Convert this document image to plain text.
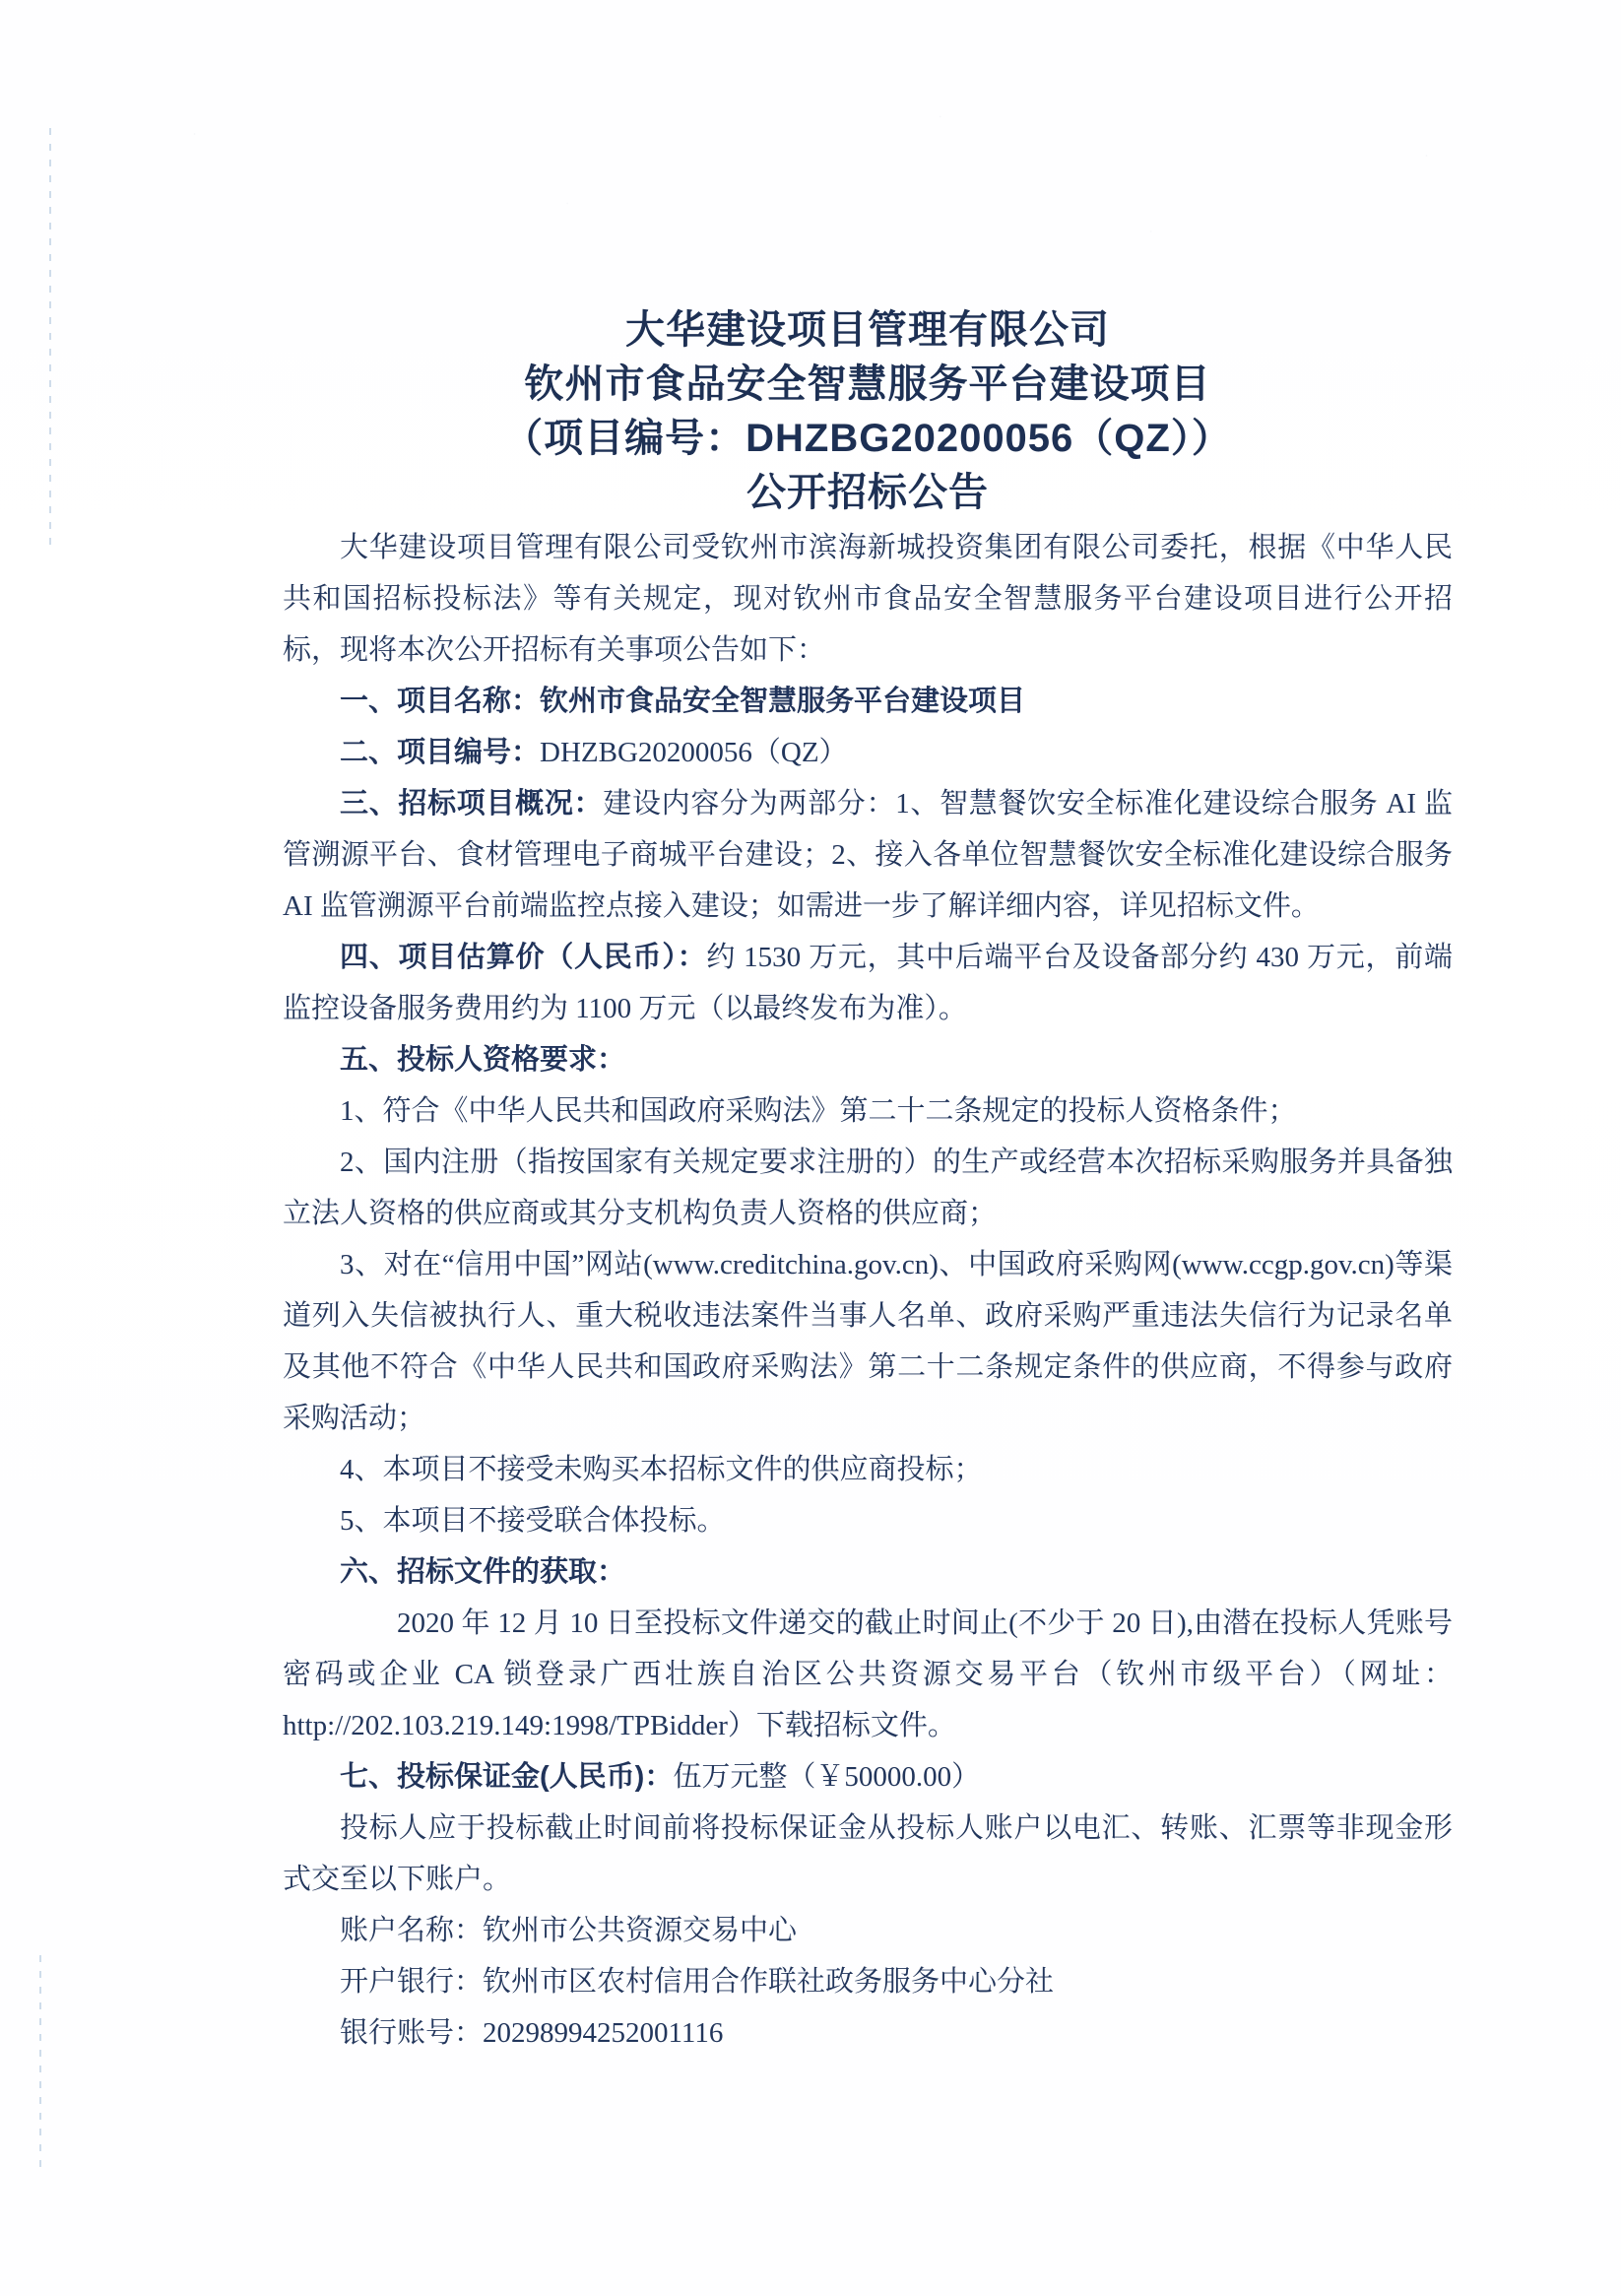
大华建设项目管理有限公司
钦州市食品安全智慧服务平台建设项目
（项目编号：DHZBG20200056（QZ））
公开招标公告

大华建设项目管理有限公司受钦州市滨海新城投资集团有限公司委托，根据《中华人民共和国招标投标法》等有关规定，现对钦州市食品安全智慧服务平台建设项目进行公开招标，现将本次公开招标有关事项公告如下：

一、项目名称：钦州市食品安全智慧服务平台建设项目

二、项目编号：DHZBG20200056（QZ）

三、招标项目概况：建设内容分为两部分：1、智慧餐饮安全标准化建设综合服务 AI 监管溯源平台、食材管理电子商城平台建设；2、接入各单位智慧餐饮安全标准化建设综合服务 AI 监管溯源平台前端监控点接入建设；如需进一步了解详细内容，详见招标文件。

四、项目估算价（人民币）：约 1530 万元，其中后端平台及设备部分约 430 万元，前端监控设备服务费用约为 1100 万元（以最终发布为准）。

五、投标人资格要求：

1、符合《中华人民共和国政府采购法》第二十二条规定的投标人资格条件；

2、国内注册（指按国家有关规定要求注册的）的生产或经营本次招标采购服务并具备独立法人资格的供应商或其分支机构负责人资格的供应商；

3、对在“信用中国”网站(www.creditchina.gov.cn)、中国政府采购网(www.ccgp.gov.cn)等渠道列入失信被执行人、重大税收违法案件当事人名单、政府采购严重违法失信行为记录名单及其他不符合《中华人民共和国政府采购法》第二十二条规定条件的供应商，不得参与政府采购活动；

4、本项目不接受未购买本招标文件的供应商投标；

5、本项目不接受联合体投标。

六、招标文件的获取：

2020 年 12 月 10 日至投标文件递交的截止时间止(不少于 20 日),由潜在投标人凭账号密码或企业 CA 锁登录广西壮族自治区公共资源交易平台（钦州市级平台）（网址：http://202.103.219.149:1998/TPBidder）下载招标文件。

七、投标保证金(人民币)：伍万元整（￥50000.00）

投标人应于投标截止时间前将投标保证金从投标人账户以电汇、转账、汇票等非现金形式交至以下账户。

账户名称：钦州市公共资源交易中心

开户银行：钦州市区农村信用合作联社政务服务中心分社

银行账号：20298994252001116
